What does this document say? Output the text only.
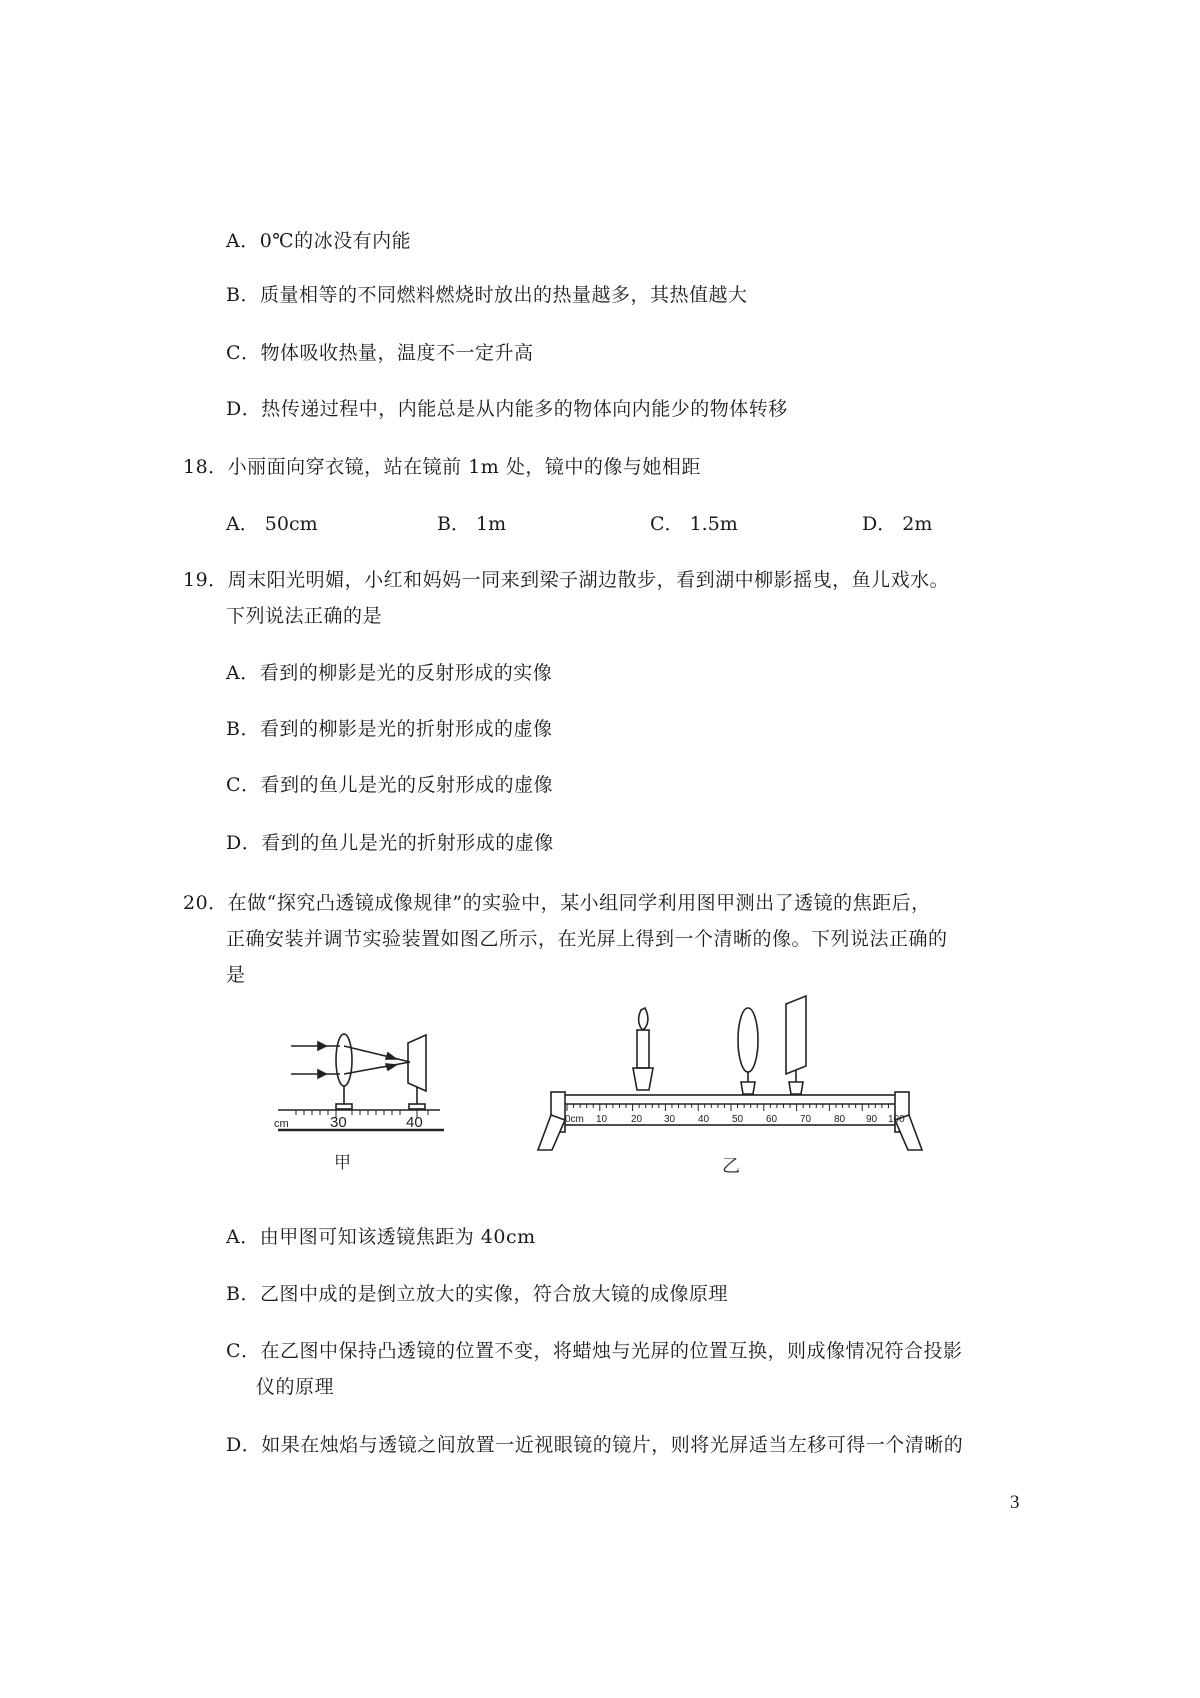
A．0℃的冰没有内能
B．质量相等的不同燃料燃烧时放出的热量越多，其热值越大
C．物体吸收热量，温度不一定升高
D．热传递过程中，内能总是从内能多的物体向内能少的物体转移
18．小丽面向穿衣镜，站在镜前 1m 处，镜中的像与她相距
A． 50cm	B． 1m	C． 1.5m	D． 2m
19．周末阳光明媚，小红和妈妈一同来到梁子湖边散步，看到湖中柳影摇曳，鱼儿戏水。
下列说法正确的是
A．看到的柳影是光的反射形成的实像
B．看到的柳影是光的折射形成的虚像
C．看到的鱼儿是光的反射形成的虚像
D．看到的鱼儿是光的折射形成的虚像
20．在做“探究凸透镜成像规律”的实验中，某小组同学利用图甲测出了透镜的焦距后，
正确安装并调节实验装置如图乙所示，在光屏上得到一个清晰的像。下列说法正确的
是
cm	30	40
甲
0cm 10 20 30 40 50 60 70 80 90 100
乙
A．由甲图可知该透镜焦距为 40cm
B．乙图中成的是倒立放大的实像，符合放大镜的成像原理
C．在乙图中保持凸透镜的位置不变，将蜡烛与光屏的位置互换，则成像情况符合投影
仪的原理
D．如果在烛焰与透镜之间放置一近视眼镜的镜片，则将光屏适当左移可得一个清晰的
3
